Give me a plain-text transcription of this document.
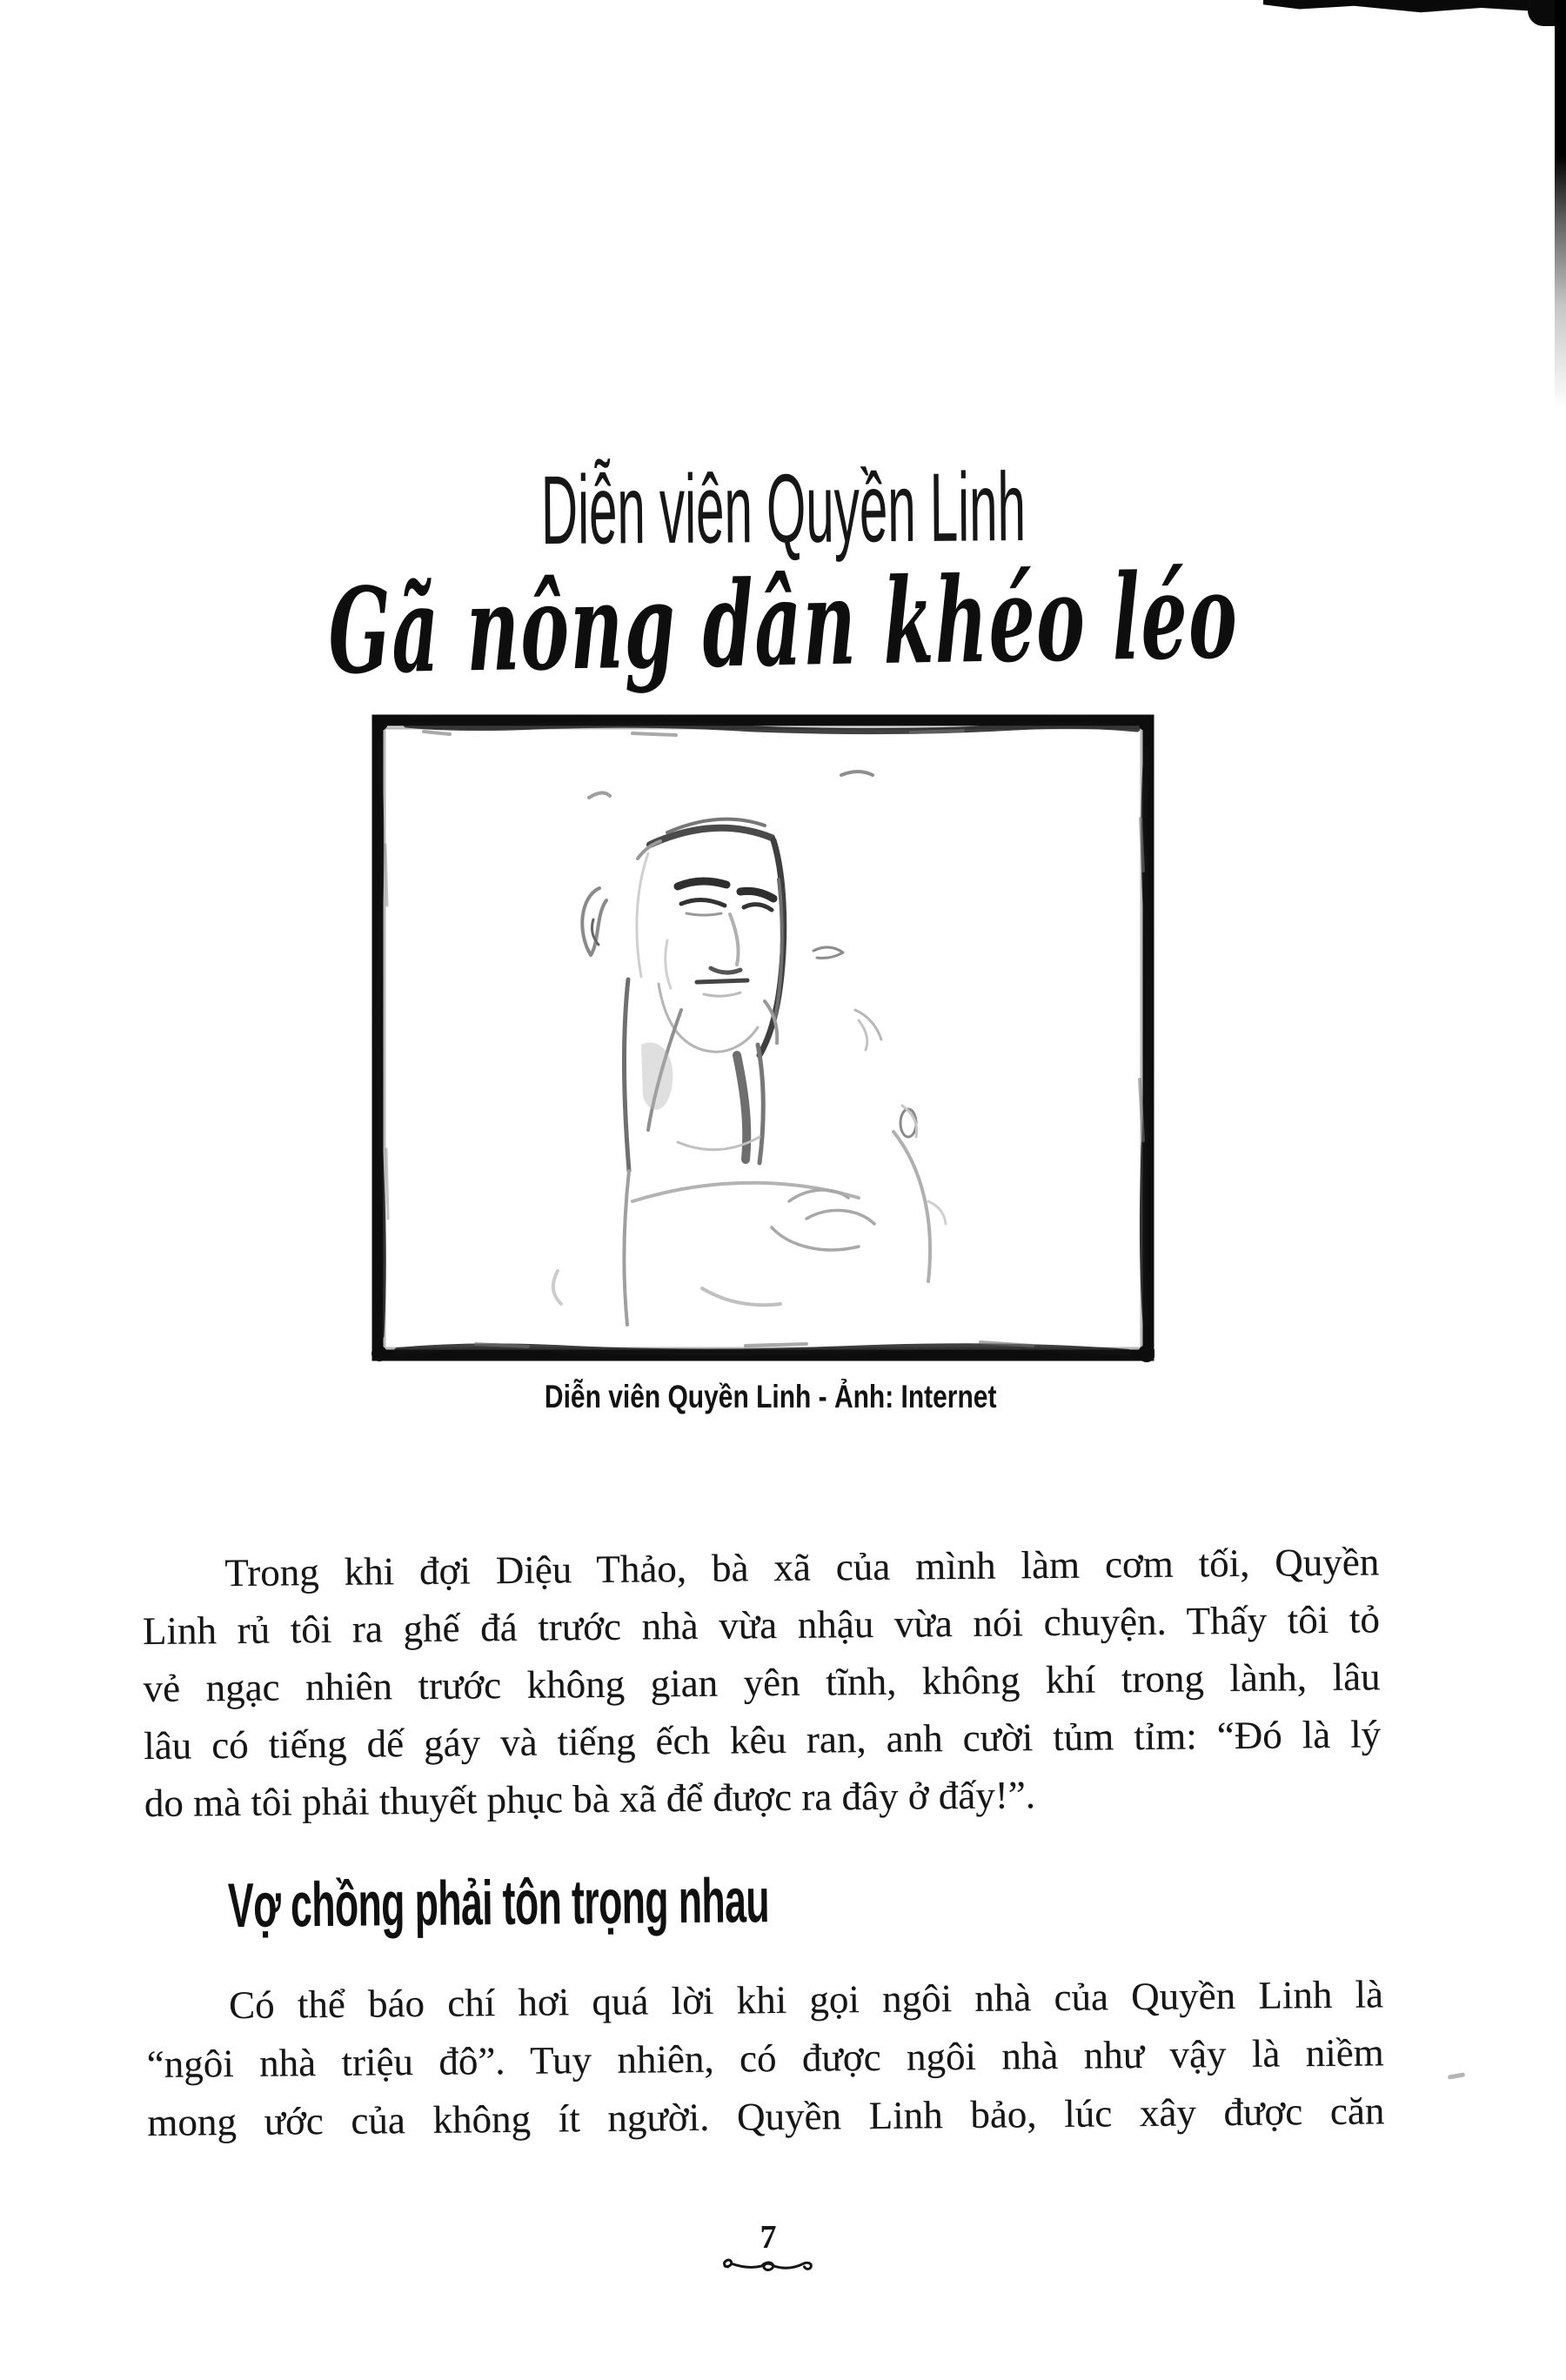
Diễn viên Quyền Linh
Gã nông dân khéo léo
Diễn viên Quyền Linh - Ảnh: Internet
Trong khi đợi Diệu Thảo, bà xã của mình làm cơm tối, Quyền
Linh rủ tôi ra ghế đá trước nhà vừa nhậu vừa nói chuyện. Thấy tôi tỏ
vẻ ngạc nhiên trước không gian yên tĩnh, không khí trong lành, lâu
lâu có tiếng dế gáy và tiếng ếch kêu ran, anh cười tủm tỉm: “Đó là lý
do mà tôi phải thuyết phục bà xã để được ra đây ở đấy!”.
Vợ chồng phải tôn trọng nhau
Có thể báo chí hơi quá lời khi gọi ngôi nhà của Quyền Linh là
“ngôi nhà triệu đô”. Tuy nhiên, có được ngôi nhà như vậy là niềm
mong ước của không ít người. Quyền Linh bảo, lúc xây được căn
7
